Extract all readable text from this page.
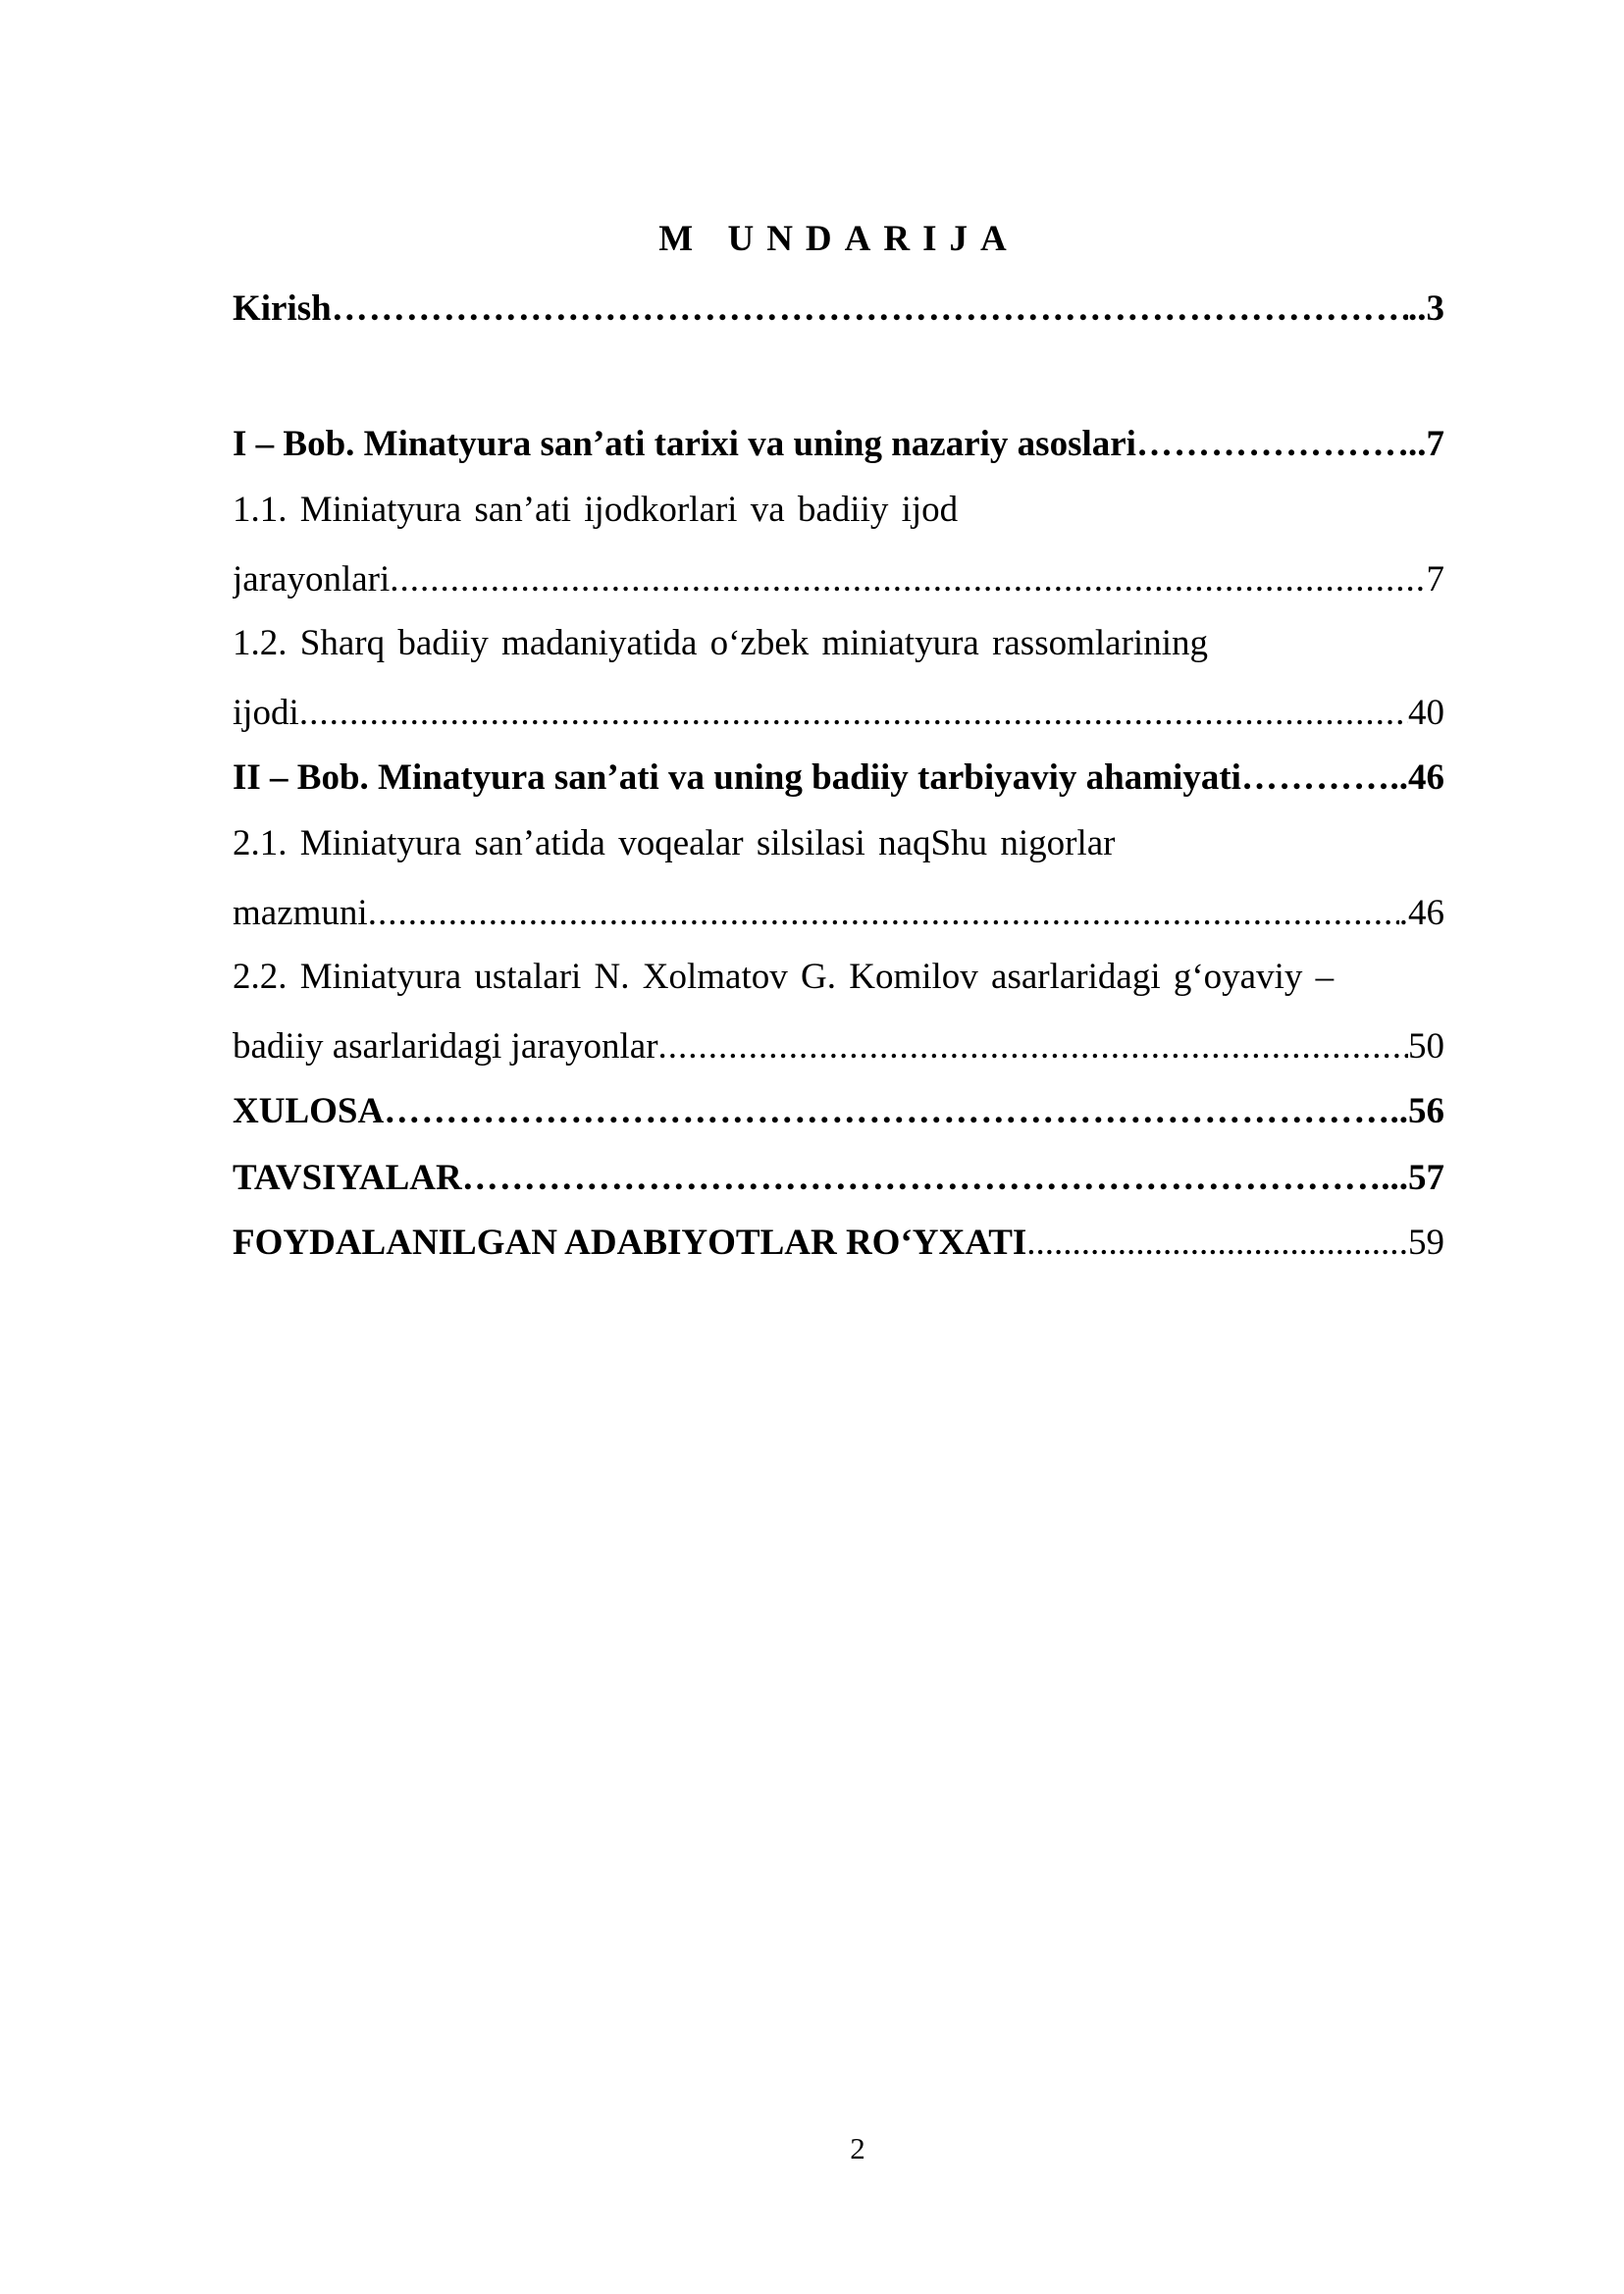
M UNDARIJA
Kirish …………………………………………………………………………………………………………………………………………………………………………………………………………………	..3
I – Bob. Minatyura san’ati tarixi va uning nazariy asoslari …………………………………………………………………………………………………………………………………………………………………………………………………………………	..7
1.1. Miniatyura san’ati ijodkorlari va badiiy ijod
jarayonlari .....	7
1.2. Sharq badiiy madaniyatida o‘zbek miniatyura rassomlarining
ijodi .....	40
II – Bob. Minatyura san’ati va uning badiiy tarbiyaviy ahamiyati …………………………………………………………………………………………………………………………………………………………………………………………………………………	..46
2.1. Miniatyura san’atida voqealar silsilasi naqShu nigorlar
mazmuni .....	.46
2.2. Miniatyura ustalari N. Xolmatov G. Komilov asarlaridagi g‘oyaviy –
badiiy asarlaridagi jarayonlar .....	50
XULOSA …………………………………………………………………………………………………………………………………………………………………………………………………………………	..56
TAVSIYALAR …………………………………………………………………………………………………………………………………………………………………………………………………………………	...57
FOYDALANILGAN ADABIYOTLAR RO‘YXATI .....	.59
2
